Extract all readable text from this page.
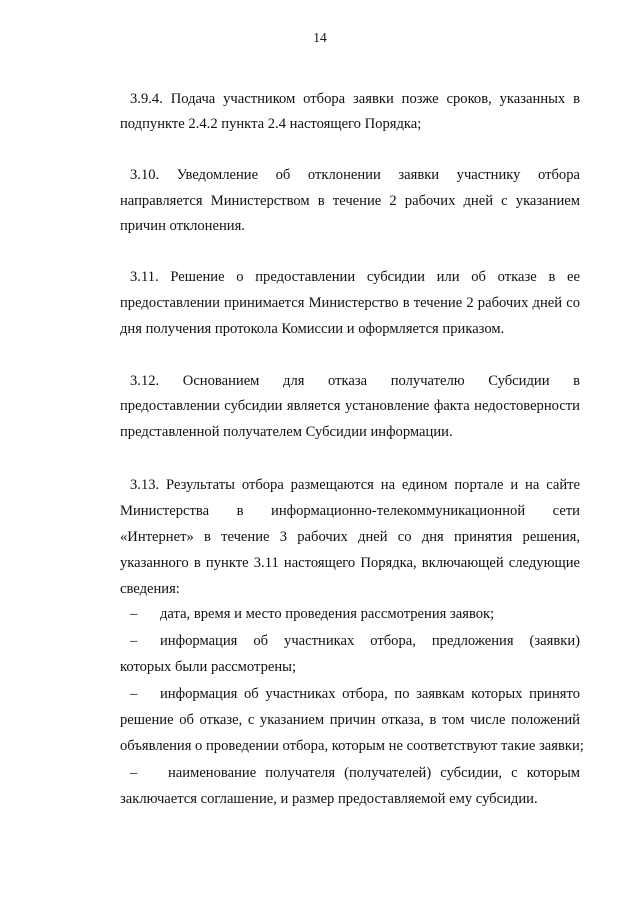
14
3.9.4. Подача участником отбора заявки позже сроков, указанных в
подпункте 2.4.2 пункта 2.4 настоящего Порядка;
3.10. Уведомление об отклонении заявки участнику отбора
направляется Министерством в течение 2 рабочих дней с указанием
причин отклонения.
3.11. Решение о предоставлении субсидии или об отказе в ее
предоставлении принимается Министерство в течение 2 рабочих дней со
дня получения протокола Комиссии и оформляется приказом.
3.12. Основанием для отказа получателю Субсидии в
предоставлении субсидии является установление факта недостоверности
представленной получателем Субсидии информации.
3.13. Результаты отбора размещаются на едином портале и на сайте
Министерства в информационно-телекоммуникационной сети
«Интернет» в течение 3 рабочих дней со дня принятия решения,
указанного в пункте 3.11 настоящего Порядка, включающей следующие
сведения:
– дата, время и место проведения рассмотрения заявок;
– информация об участниках отбора, предложения (заявки)
которых были рассмотрены;
– информация об участниках отбора, по заявкам которых принято
решение об отказе, с указанием причин отказа, в том числе положений
объявления о проведении отбора, которым не соответствуют такие заявки;
– наименование получателя (получателей) субсидии, с которым
заключается соглашение, и размер предоставляемой ему субсидии.
